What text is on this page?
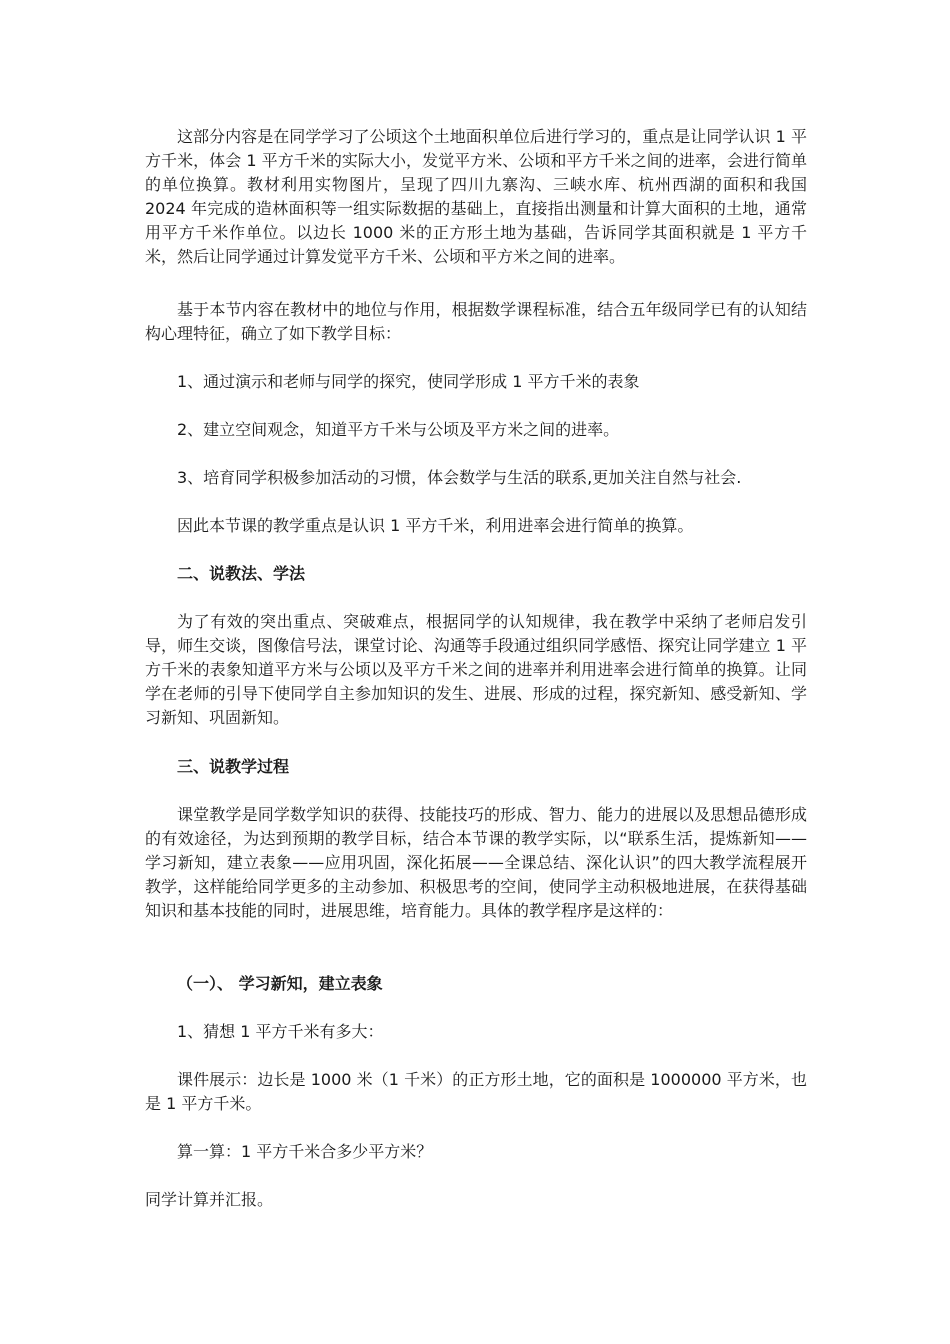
这部分内容是在同学学习了公顷这个土地面积单位后进行学习的，重点是让同学认识 1 平方千米，体会 1 平方千米的实际大小，发觉平方米、公顷和平方千米之间的进率，会进行简单的单位换算。教材利用实物图片，呈现了四川九寨沟、三峡水库、杭州西湖的面积和我国 2024 年完成的造林面积等一组实际数据的基础上，直接指出测量和计算大面积的土地，通常用平方千米作单位。以边长 1000 米的正方形土地为基础，告诉同学其面积就是 1 平方千米，然后让同学通过计算发觉平方千米、公顷和平方米之间的进率。

基于本节内容在教材中的地位与作用，根据数学课程标准，结合五年级同学已有的认知结构心理特征，确立了如下教学目标：

1、通过演示和老师与同学的探究，使同学形成 1 平方千米的表象

2、建立空间观念，知道平方千米与公顷及平方米之间的进率。

3、培育同学积极参加活动的习惯，体会数学与生活的联系,更加关注自然与社会.

因此本节课的教学重点是认识 1 平方千米，利用进率会进行简单的换算。

二、说教法、学法

为了有效的突出重点、突破难点，根据同学的认知规律，我在教学中采纳了老师启发引导，师生交谈，图像信号法，课堂讨论、沟通等手段通过组织同学感悟、探究让同学建立 1 平方千米的表象知道平方米与公顷以及平方千米之间的进率并利用进率会进行简单的换算。让同学在老师的引导下使同学自主参加知识的发生、进展、形成的过程，探究新知、感受新知、学习新知、巩固新知。

三、说教学过程

课堂教学是同学数学知识的获得、技能技巧的形成、智力、能力的进展以及思想品德形成的有效途径，为达到预期的教学目标，结合本节课的教学实际，以“联系生活，提炼新知——学习新知，建立表象——应用巩固，深化拓展——全课总结、深化认识”的四大教学流程展开教学，这样能给同学更多的主动参加、积极思考的空间，使同学主动积极地进展，在获得基础知识和基本技能的同时，进展思维，培育能力。具体的教学程序是这样的：

（一）、 学习新知，建立表象

1、猜想 1 平方千米有多大：

课件展示：边长是 1000 米（1 千米）的正方形土地，它的面积是 1000000 平方米，也是 1 平方千米。

算一算：1 平方千米合多少平方米？

同学计算并汇报。
